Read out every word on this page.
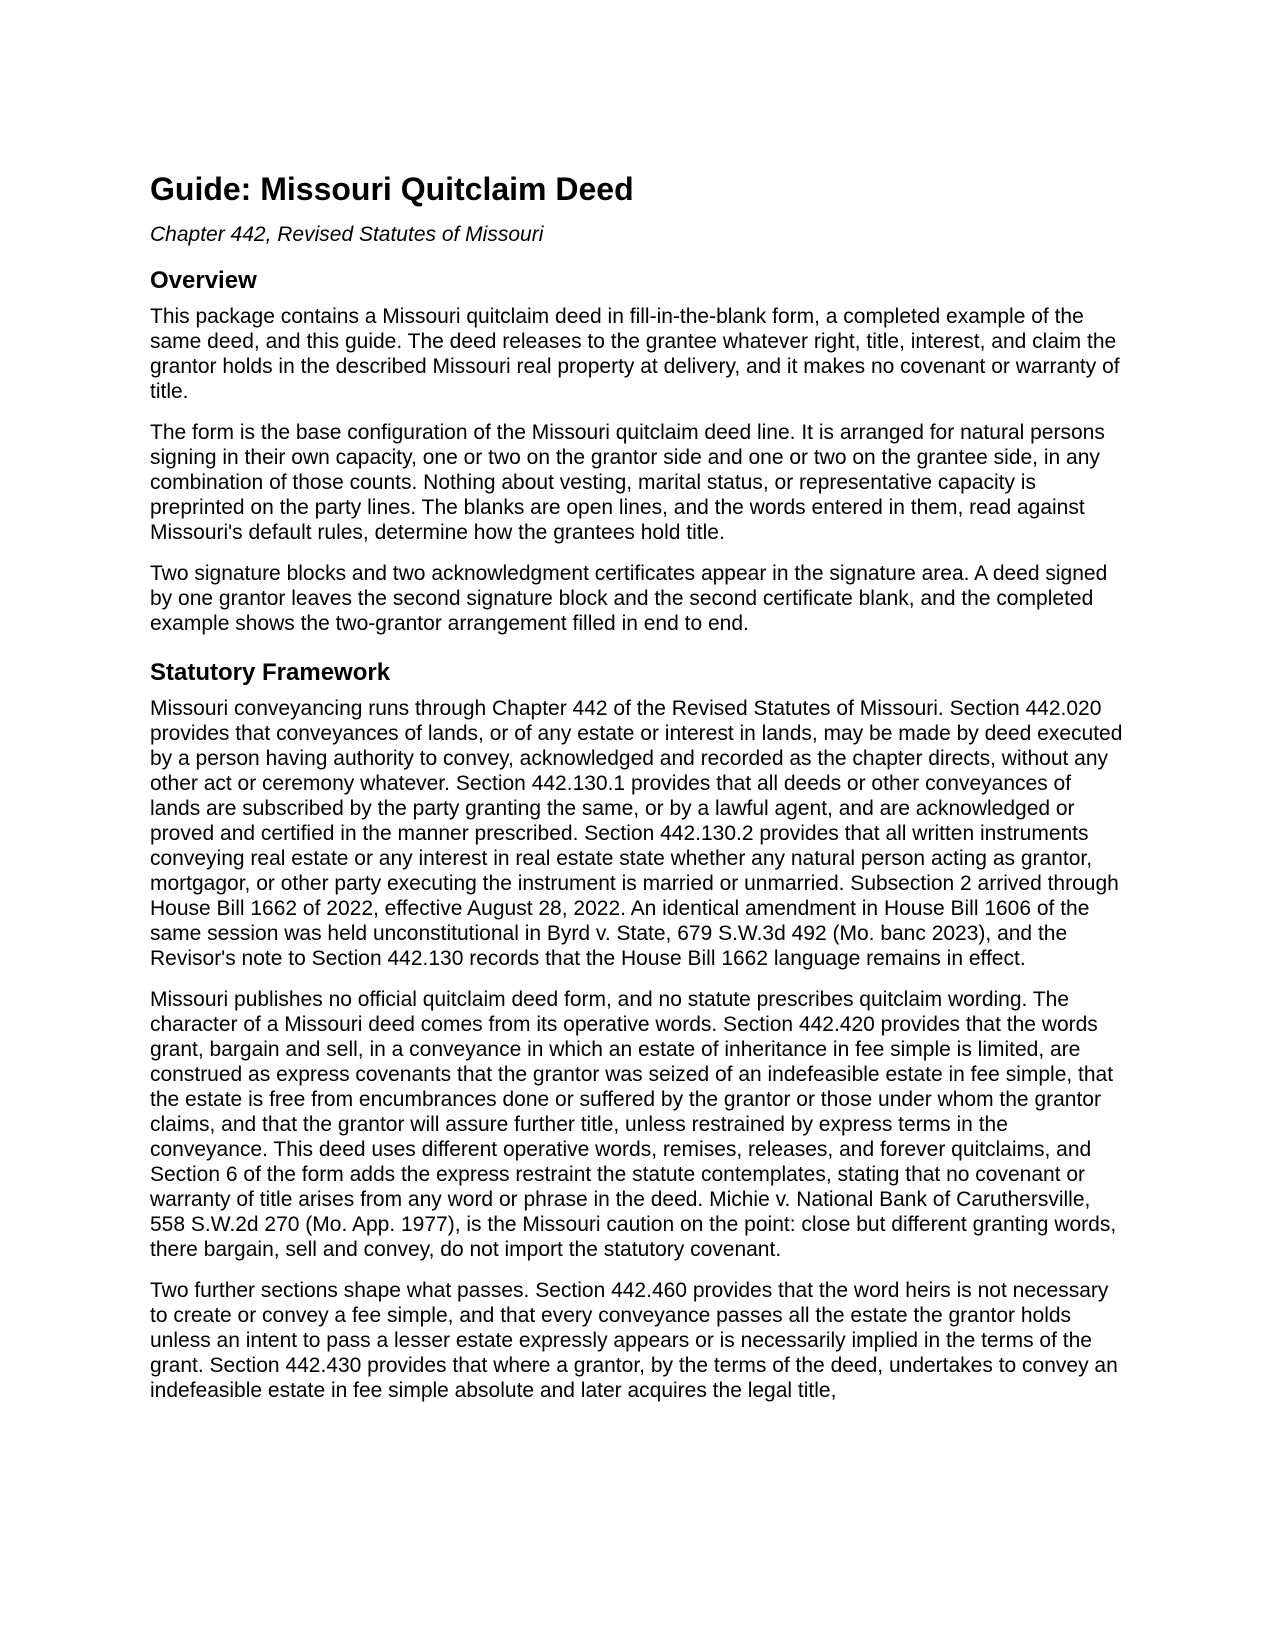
Guide: Missouri Quitclaim Deed
Chapter 442, Revised Statutes of Missouri
Overview

This package contains a Missouri quitclaim deed in fill-in-the-blank form, a completed example of the same deed, and this guide. The deed releases to the grantee whatever right, title, interest, and claim the grantor holds in the described Missouri real property at delivery, and it makes no covenant or warranty of title.

The form is the base configuration of the Missouri quitclaim deed line. It is arranged for natural persons signing in their own capacity, one or two on the grantor side and one or two on the grantee side, in any combination of those counts. Nothing about vesting, marital status, or representative capacity is preprinted on the party lines. The blanks are open lines, and the words entered in them, read against Missouri's default rules, determine how the grantees hold title.

Two signature blocks and two acknowledgment certificates appear in the signature area. A deed signed by one grantor leaves the second signature block and the second certificate blank, and the completed example shows the two-grantor arrangement filled in end to end.

Statutory Framework

Missouri conveyancing runs through Chapter 442 of the Revised Statutes of Missouri. Section 442.020 provides that conveyances of lands, or of any estate or interest in lands, may be made by deed executed by a person having authority to convey, acknowledged and recorded as the chapter directs, without any other act or ceremony whatever. Section 442.130.1 provides that all deeds or other conveyances of lands are subscribed by the party granting the same, or by a lawful agent, and are acknowledged or proved and certified in the manner prescribed. Section 442.130.2 provides that all written instruments conveying real estate or any interest in real estate state whether any natural person acting as grantor, mortgagor, or other party executing the instrument is married or unmarried. Subsection 2 arrived through House Bill 1662 of 2022, effective August 28, 2022. An identical amendment in House Bill 1606 of the same session was held unconstitutional in Byrd v. State, 679 S.W.3d 492 (Mo. banc 2023), and the Revisor's note to Section 442.130 records that the House Bill 1662 language remains in effect.

Missouri publishes no official quitclaim deed form, and no statute prescribes quitclaim wording. The character of a Missouri deed comes from its operative words. Section 442.420 provides that the words grant, bargain and sell, in a conveyance in which an estate of inheritance in fee simple is limited, are construed as express covenants that the grantor was seized of an indefeasible estate in fee simple, that the estate is free from encumbrances done or suffered by the grantor or those under whom the grantor claims, and that the grantor will assure further title, unless restrained by express terms in the conveyance. This deed uses different operative words, remises, releases, and forever quitclaims, and Section 6 of the form adds the express restraint the statute contemplates, stating that no covenant or warranty of title arises from any word or phrase in the deed. Michie v. National Bank of Caruthersville, 558 S.W.2d 270 (Mo. App. 1977), is the Missouri caution on the point: close but different granting words, there bargain, sell and convey, do not import the statutory covenant.

Two further sections shape what passes. Section 442.460 provides that the word heirs is not necessary to create or convey a fee simple, and that every conveyance passes all the estate the grantor holds unless an intent to pass a lesser estate expressly appears or is necessarily implied in the terms of the grant. Section 442.430 provides that where a grantor, by the terms of the deed, undertakes to convey an indefeasible estate in fee simple absolute and later acquires the legal title,
